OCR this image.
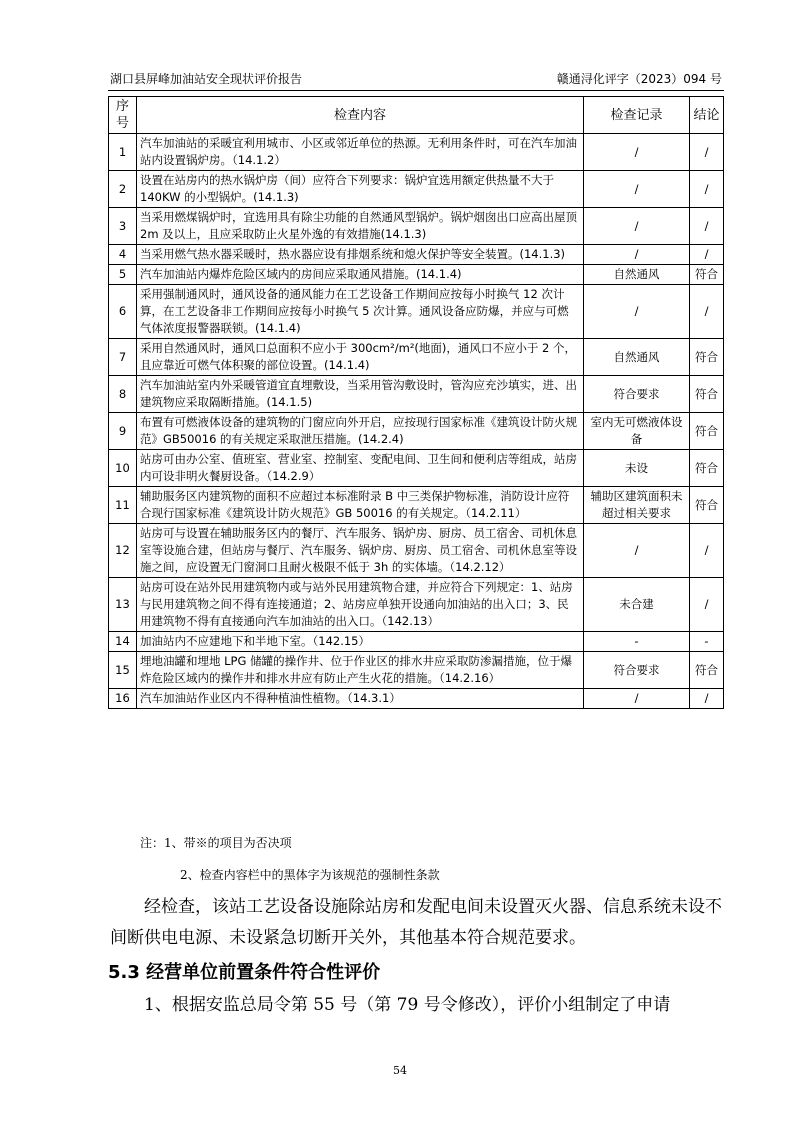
湖口县屏峰加油站安全现状评价报告	赣通浔化评字（2023）094 号
序号	检查内容	检查记录	结论
1	汽车加油站的采暖宜利用城市、小区或邻近单位的热源。无利用条件时，可在汽车加油站内设置锅炉房。（14.1.2）	/	/
2	设置在站房内的热水锅炉房（间）应符合下列要求：锅炉宜选用额定供热量不大于 140KW 的小型锅炉。(14.1.3)	/	/
3	当采用燃煤锅炉时，宜选用具有除尘功能的自然通风型锅炉。锅炉烟囱出口应高出屋顶 2m 及以上，且应采取防止火星外逸的有效措施(14.1.3)	/	/
4	当采用燃气热水器采暖时，热水器应设有排烟系统和熄火保护等安全装置。(14.1.3)	/	/
5	汽车加油站内爆炸危险区域内的房间应采取通风措施。(14.1.4)	自然通风	符合
6	采用强制通风时，通风设备的通风能力在工艺设备工作期间应按每小时换气 12 次计算，在工艺设备非工作期间应按每小时换气 5 次计算。通风设备应防爆，并应与可燃气体浓度报警器联锁。(14.1.4)	/	/
7	采用自然通风时，通风口总面积不应小于 300cm²/m²(地面)，通风口不应小于 2 个，且应靠近可燃气体积聚的部位设置。(14.1.4)	自然通风	符合
8	汽车加油站室内外采暖管道宜直埋敷设，当采用管沟敷设时，管沟应充沙填实，进、出建筑物应采取隔断措施。(14.1.5)	符合要求	符合
9	布置有可燃液体设备的建筑物的门窗应向外开启，应按现行国家标准《建筑设计防火规范》GB50016 的有关规定采取泄压措施。(14.2.4)	室内无可燃液体设备	符合
10	站房可由办公室、值班室、营业室、控制室、变配电间、卫生间和便利店等组成，站房内可设非明火餐厨设备。（14.2.9）	未设	符合
11	辅助服务区内建筑物的面积不应超过本标准附录 B 中三类保护物标准，消防设计应符合现行国家标准《建筑设计防火规范》GB 50016 的有关规定。（14.2.11）	辅助区建筑面积未超过相关要求	符合
12	站房可与设置在辅助服务区内的餐厅、汽车服务、锅炉房、厨房、员工宿舍、司机休息室等设施合建，但站房与餐厅、汽车服务、锅炉房、厨房、员工宿舍、司机休息室等设施之间，应设置无门窗洞口且耐火极限不低于 3h 的实体墙。（14.2.12）	/	/
13	站房可设在站外民用建筑物内或与站外民用建筑物合建，并应符合下列规定：1、站房与民用建筑物之间不得有连接通道；2、站房应单独开设通向加油站的出入口；3、民用建筑物不得有直接通向汽车加油站的出入口。（142.13）	未合建	/
14	加油站内不应建地下和半地下室。（142.15）	-	-
15	埋地油罐和埋地 LPG 储罐的操作井、位于作业区的排水井应采取防渗漏措施，位于爆炸危险区域内的操作井和排水井应有防止产生火花的措施。（14.2.16）	符合要求	符合
16	汽车加油站作业区内不得种植油性植物。（14.3.1）	/	/
注：1、带※的项目为否决项
2、检查内容栏中的黑体字为该规范的强制性条款
经检查，该站工艺设备设施除站房和发配电间未设置灭火器、信息系统未设不间断供电电源、未设紧急切断开关外，其他基本符合规范要求。
5.3 经营单位前置条件符合性评价
1、根据安监总局令第 55 号（第 79 号令修改），评价小组制定了申请
54
